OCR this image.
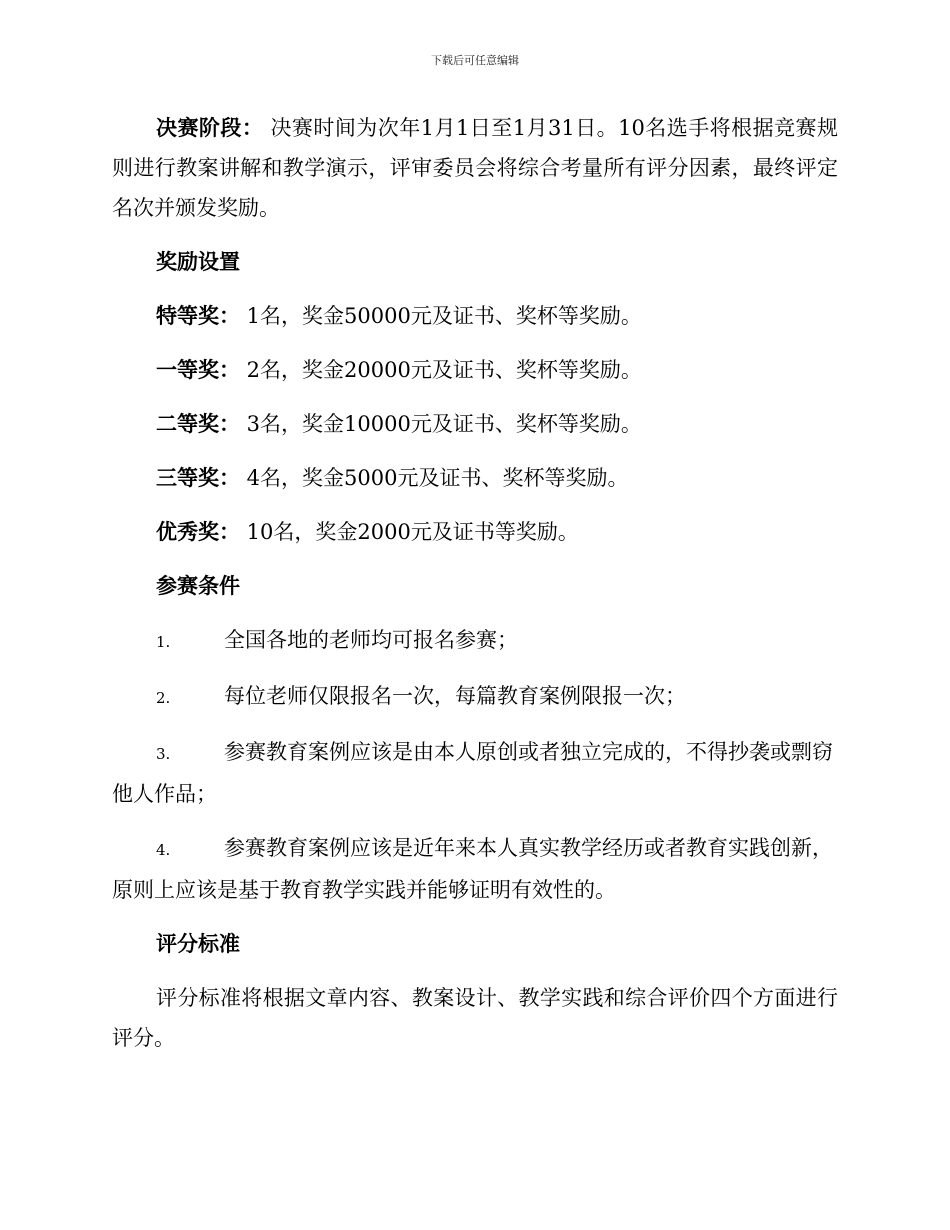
下载后可任意编辑

决赛阶段： 决赛时间为次年1月1日至1月31日。10名选手将根据竞赛规则进行教案讲解和教学演示，评审委员会将综合考量所有评分因素，最终评定名次并颁发奖励。

奖励设置

特等奖： 1名，奖金50000元及证书、奖杯等奖励。

一等奖： 2名，奖金20000元及证书、奖杯等奖励。

二等奖： 3名，奖金10000元及证书、奖杯等奖励。

三等奖： 4名，奖金5000元及证书、奖杯等奖励。

优秀奖： 10名，奖金2000元及证书等奖励。

参赛条件

1.	全国各地的老师均可报名参赛；

2.	每位老师仅限报名一次，每篇教育案例限报一次；

3.	参赛教育案例应该是由本人原创或者独立完成的，不得抄袭或剽窃他人作品；

4.	参赛教育案例应该是近年来本人真实教学经历或者教育实践创新，原则上应该是基于教育教学实践并能够证明有效性的。

评分标准

评分标准将根据文章内容、教案设计、教学实践和综合评价四个方面进行评分。
